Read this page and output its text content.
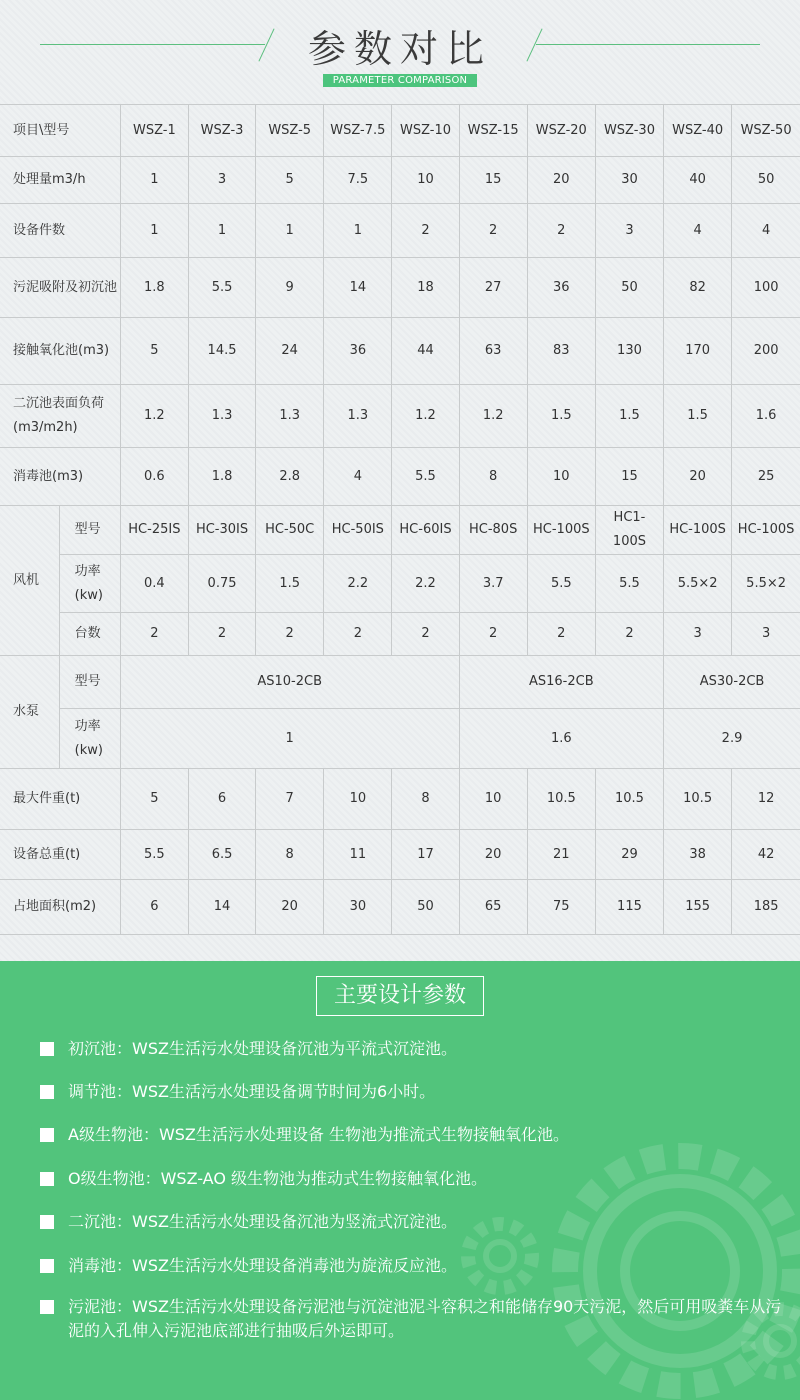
参数对比
PARAMETER COMPARISON
项目\型号		WSZ-1	WSZ-3	WSZ-5	WSZ-7.5	WSZ-10	WSZ-15	WSZ-20	WSZ-30	WSZ-40	WSZ-50
处理量m3/h		1	3	5	7.5	10	15	20	30	40	50
设备件数		1	1	1	1	2	2	2	3	4	4
污泥吸附及初沉池		1.8	5.5	9	14	18	27	36	50	82	100
接触氧化池(m3)		5	14.5	24	36	44	63	83	130	170	200
二沉池表面负荷(m3/m2h)		1.2	1.3	1.3	1.3	1.2	1.2	1.5	1.5	1.5	1.6
消毒池(m3)		0.6	1.8	2.8	4	5.5	8	10	15	20	25
风机	型号	HC-25IS	HC-30IS	HC-50C	HC-50IS	HC-60IS	HC-80S	HC-100S	HC1-100S	HC-100S	HC-100S
	功率(kw)	0.4	0.75	1.5	2.2	2.2	3.7	5.5	5.5	5.5×2	5.5×2
	台数	2	2	2	2	2	2	2	2	3	3
水泵	型号	AS10-2CB					AS16-2CB			AS30-2CB	
	功率(kw)	1					1.6			2.9	
最大件重(t)		5	6	7	10	8	10	10.5	10.5	10.5	12
设备总重(t)		5.5	6.5	8	11	17	20	21	29	38	42
占地面积(m2)		6	14	20	30	50	65	75	115	155	185
主要设计参数
初沉池：WSZ生活污水处理设备沉池为平流式沉淀池。
调节池：WSZ生活污水处理设备调节时间为6小时。
A级生物池：WSZ生活污水处理设备 生物池为推流式生物接触氧化池。
O级生物池：WSZ-AO 级生物池为推动式生物接触氧化池。
二沉池：WSZ生活污水处理设备沉池为竖流式沉淀池。
消毒池：WSZ生活污水处理设备消毒池为旋流反应池。
污泥池：WSZ生活污水处理设备污泥池与沉淀池泥斗容积之和能储存90天污泥，然后可用吸粪车从污泥的入孔伸入污泥池底部进行抽吸后外运即可。
